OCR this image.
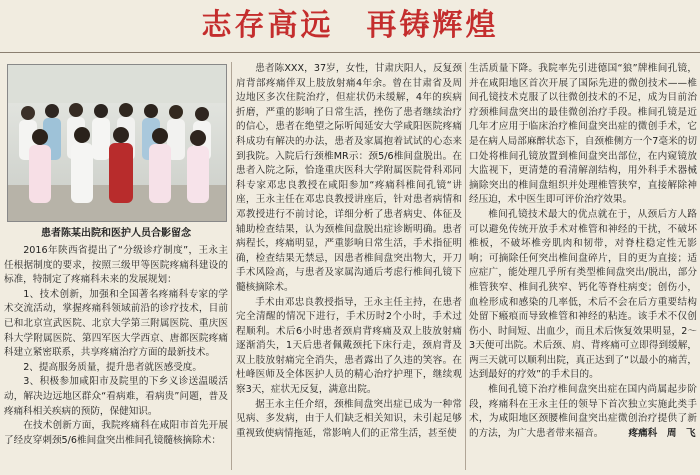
志存高远　再铸辉煌
患者陈某出院和医护人员合影留念

2016年陕西省提出了“分级诊疗制度”，王永主任根据制度的要求，按照三级甲等医院疼痛科建设的标准，特制定了疼痛科未来的发展规划：

1、技术创新，加强和全国著名疼痛科专家的学术交流活动，掌握疼痛科领域前沿的诊疗技术，目前已和北京宣武医院、北京大学第三附属医院、重庆医科大学附属医院、第四军医大学西京、唐都医院疼痛科建立紧密联系，共享疼痛治疗方面的最新技术。

2、提高服务质量，提升患者就医感受度。

3、积极参加咸阳市及院里的下乡义诊送温暖活动，解决边远地区群众“看病难，看病贵”问题，普及疼痛科相关疾病的预防，保健知识。

在技术创新方面，我院疼痛科在咸阳市首先开展了经皮穿刺颈5/6椎间盘突出椎间孔镜髓核摘除术：

患者陈XXX，37岁，女性，甘肃庆阳人，反复颈肩背部疼痛伴双上肢放射痛4年余。曾在甘肃省及周边地区多次住院治疗，但症状仍未缓解，4年的疾病折磨，严重的影响了日常生活，挫伤了患者继续治疗的信心，患者在绝望之际听闻延安大学咸阳医院疼痛科成功有解决的办法，患者及家属抱着试试的心态来到我院。入院后行颈椎MR示：颈5/6椎间盘脱出。在患者入院之际，恰逢重庆医科大学附属医院骨科邓同科专家邓忠良教授在咸阳参加“疼痛科椎间孔镜“讲座，王永主任在邓忠良教授讲座后，针对患者病情和邓教授进行不前讨论，详细分析了患者病史、体征及辅助检查结果，认为颈椎间盘脱出症诊断明确。患者病程长，疼痛明显，严重影响日常生活，手术指征明确，检查结果无禁忌，因患者椎间盘突出物大，开刀手术风险高，与患者及家属沟通后考虑行椎间孔镜下髓核摘除术。

手术由邓忠良教授指导，王永主任主持，在患者完全清醒的情况下进行，手术历时2个小时，手术过程顺利。术后6小时患者颈肩背疼痛及双上肢放射痛逐渐消失，1天后患者佩戴颈托下床行走，颈肩背及双上肢放射痛完全消失，患者露出了久违的笑容。在杜峰医师及全体医护人员的精心治疗护理下，继续观察3天，症状无反复，满意出院。

据王永主任介绍，颈椎间盘突出症已成为一种常见病、多发病，由于人们缺乏相关知识，未引起足够重视致使病情拖延，常影响人们的正常生活，甚至使

生活质量下降。我院率先引进德国“狼”牌椎间孔镜，并在咸阳地区首次开展了国际先进的微创技术——椎间孔镜技术克服了以往微创技术的不足，成为目前治疗颈椎间盘突出的最佳微创治疗手段。椎间孔镜是近几年才应用于临床治疗椎间盘突出症的微创手术，它是在病人局部麻醉状态下，自颈椎侧方一个7毫米的切口处将椎间孔镜放置到椎间盘突出部位，在内窥镜放大监视下，更清楚的看清解剖结构，用外科手术器械摘除突出的椎间盘组织并处理椎管狭窄，直接解除神经压迫，术中医生即可评价治疗效果。

椎间孔镜技术最大的优点就在于，从颈后方人路可以避免传统开放手术对椎管和神经的干扰，不破坏椎板，不破坏椎旁肌肉和韧带，对脊柱稳定性无影响；可摘除任何突出椎间盘碎片，目的更为直接；适应症广，能处理几乎所有类型椎间盘突出/脱出，部分椎管狭窄、椎间孔狭窄、钙化等脊柱病变；创伤小，血栓形成和感染的几率低，术后不会在后方重要结构处留下瘢痕而导致椎管和神经的粘连。该手术不仅创伤小、时间短、出血少，而且术后恢复效果明显，2～3天便可出院。术后颈、肩、背疼痛可立即得到缓解，两三天就可以顺利出院，真正达到了“以最小的痛苦，达到最好的疗效”的手术目的。

椎间孔镜下治疗椎间盘突出症在国内尚属起步阶段，疼痛科在王永主任的领导下首次独立实施此类手术，为咸阳地区颈腰椎间盘突出症微创治疗提供了新的方法，为广大患者带来福音。	疼痛科　周　飞
